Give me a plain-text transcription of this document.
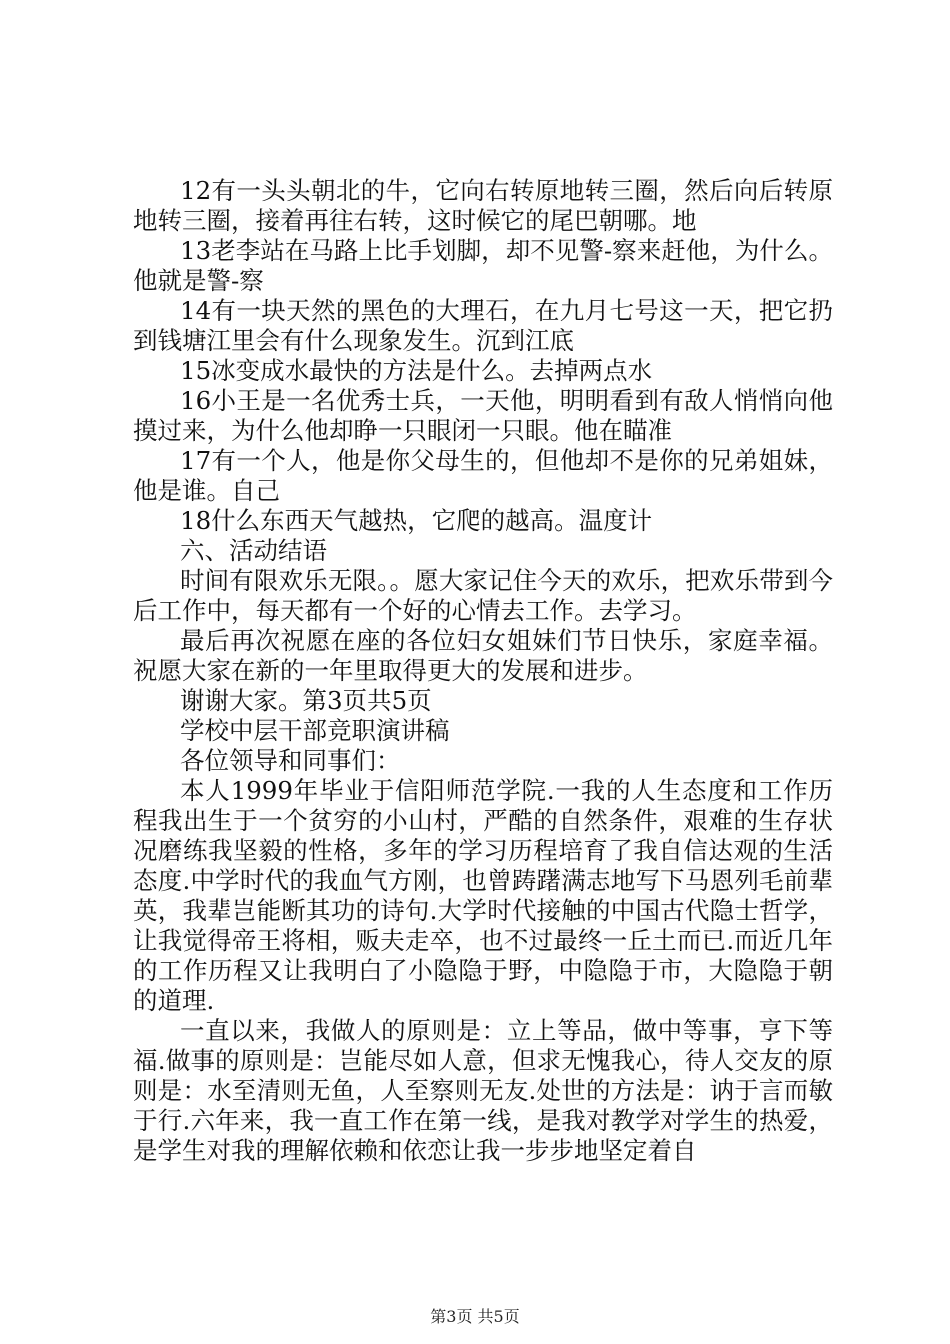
12有一头头朝北的牛，它向右转原地转三圈，然后向后转原地转三圈，接着再往右转，这时候它的尾巴朝哪。地

13老李站在马路上比手划脚，却不见警-察来赶他，为什么。他就是警-察

14有一块天然的黑色的大理石，在九月七号这一天，把它扔到钱塘江里会有什么现象发生。沉到江底

15冰变成水最快的方法是什么。去掉两点水

16小王是一名优秀士兵，一天他，明明看到有敌人悄悄向他摸过来，为什么他却睁一只眼闭一只眼。他在瞄准

17有一个人，他是你父母生的，但他却不是你的兄弟姐妹，他是谁。自己

18什么东西天气越热，它爬的越高。温度计

六、活动结语

时间有限欢乐无限。。愿大家记住今天的欢乐，把欢乐带到今后工作中，每天都有一个好的心情去工作。去学习。

最后再次祝愿在座的各位妇女姐妹们节日快乐，家庭幸福。祝愿大家在新的一年里取得更大的发展和进步。

谢谢大家。第3页共5页

学校中层干部竞职演讲稿

各位领导和同事们：

本人1999年毕业于信阳师范学院.一我的人生态度和工作历程我出生于一个贫穷的小山村，严酷的自然条件，艰难的生存状况磨练我坚毅的性格，多年的学习历程培育了我自信达观的生活态度.中学时代的我血气方刚，也曾踌躇满志地写下马恩列毛前辈英，我辈岂能断其功的诗句.大学时代接触的中国古代隐士哲学，让我觉得帝王将相，贩夫走卒，也不过最终一丘土而已.而近几年的工作历程又让我明白了小隐隐于野，中隐隐于市，大隐隐于朝的道理.

一直以来，我做人的原则是：立上等品，做中等事，亨下等福.做事的原则是：岂能尽如人意，但求无愧我心，待人交友的原则是：水至清则无鱼，人至察则无友.处世的方法是：讷于言而敏于行.六年来，我一直工作在第一线，是我对教学对学生的热爱，是学生对我的理解依赖和依恋让我一步步地坚定着自

第3页 共5页
